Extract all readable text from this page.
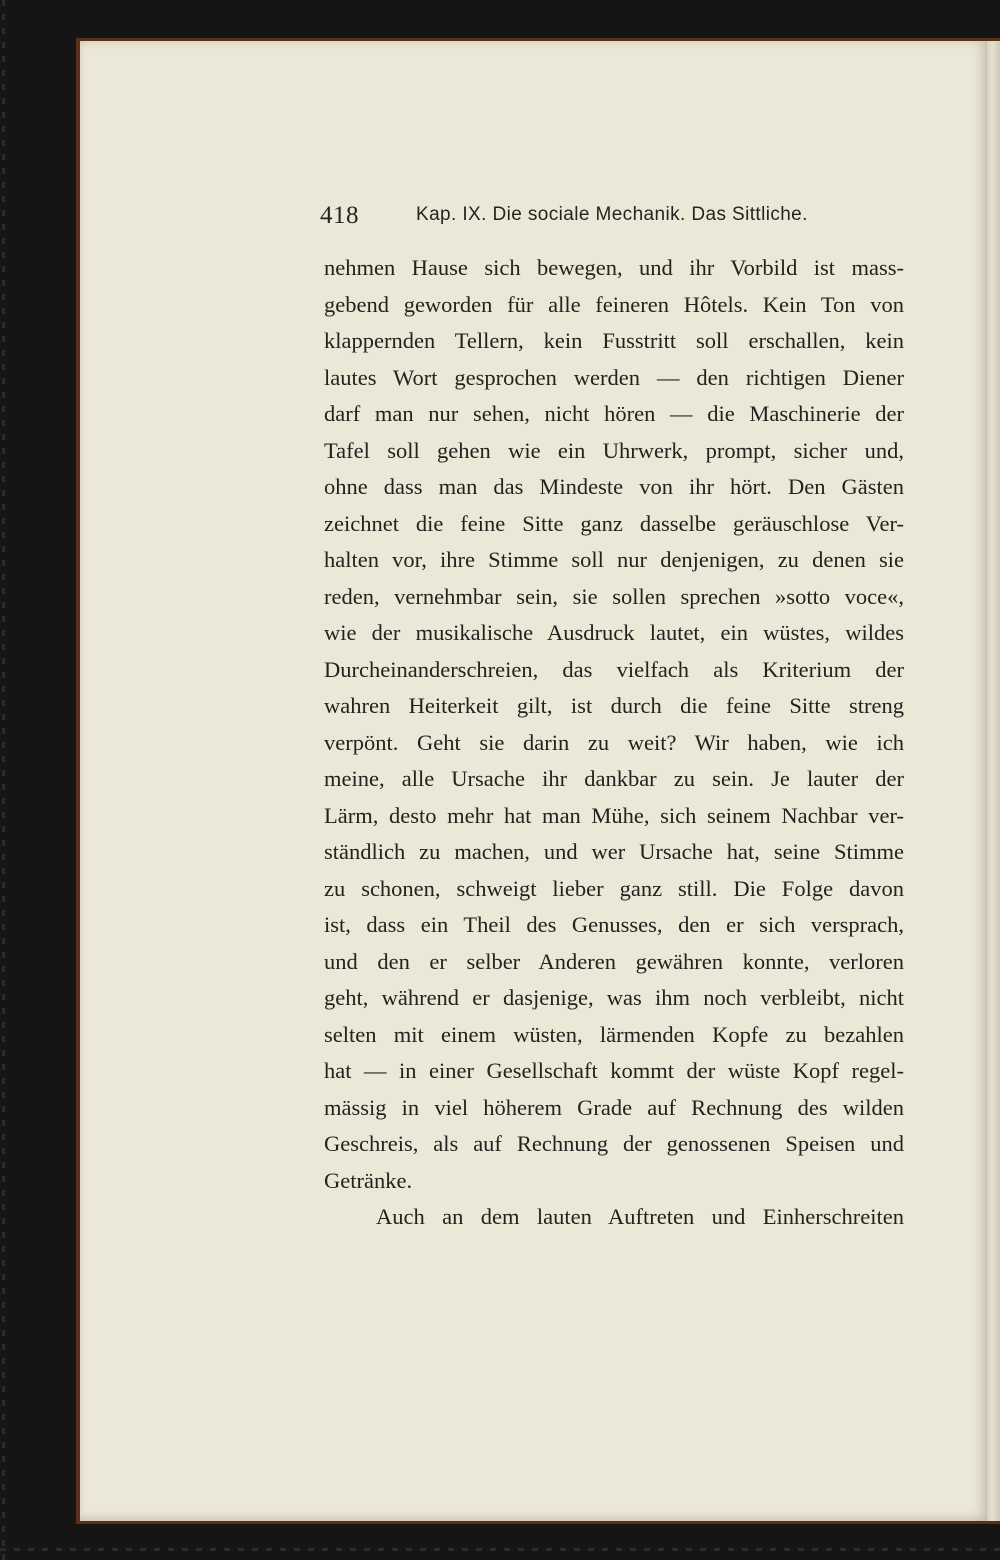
418	Kap. IX. Die sociale Mechanik. Das Sittliche.
nehmen Hause sich bewegen, und ihr Vorbild ist mass-
gebend geworden für alle feineren Hôtels. Kein Ton von
klappernden Tellern, kein Fusstritt soll erschallen, kein
lautes Wort gesprochen werden — den richtigen Diener
darf man nur sehen, nicht hören — die Maschinerie der
Tafel soll gehen wie ein Uhrwerk, prompt, sicher und,
ohne dass man das Mindeste von ihr hört. Den Gästen
zeichnet die feine Sitte ganz dasselbe geräuschlose Ver-
halten vor, ihre Stimme soll nur denjenigen, zu denen sie
reden, vernehmbar sein, sie sollen sprechen »sotto voce«,
wie der musikalische Ausdruck lautet, ein wüstes, wildes
Durcheinanderschreien, das vielfach als Kriterium der
wahren Heiterkeit gilt, ist durch die feine Sitte streng
verpönt. Geht sie darin zu weit? Wir haben, wie ich
meine, alle Ursache ihr dankbar zu sein. Je lauter der
Lärm, desto mehr hat man Mühe, sich seinem Nachbar ver-
ständlich zu machen, und wer Ursache hat, seine Stimme
zu schonen, schweigt lieber ganz still. Die Folge davon
ist, dass ein Theil des Genusses, den er sich versprach,
und den er selber Anderen gewähren konnte, verloren
geht, während er dasjenige, was ihm noch verbleibt, nicht
selten mit einem wüsten, lärmenden Kopfe zu bezahlen
hat — in einer Gesellschaft kommt der wüste Kopf regel-
mässig in viel höherem Grade auf Rechnung des wilden
Geschreis, als auf Rechnung der genossenen Speisen und
Getränke.
Auch an dem lauten Auftreten und Einherschreiten
